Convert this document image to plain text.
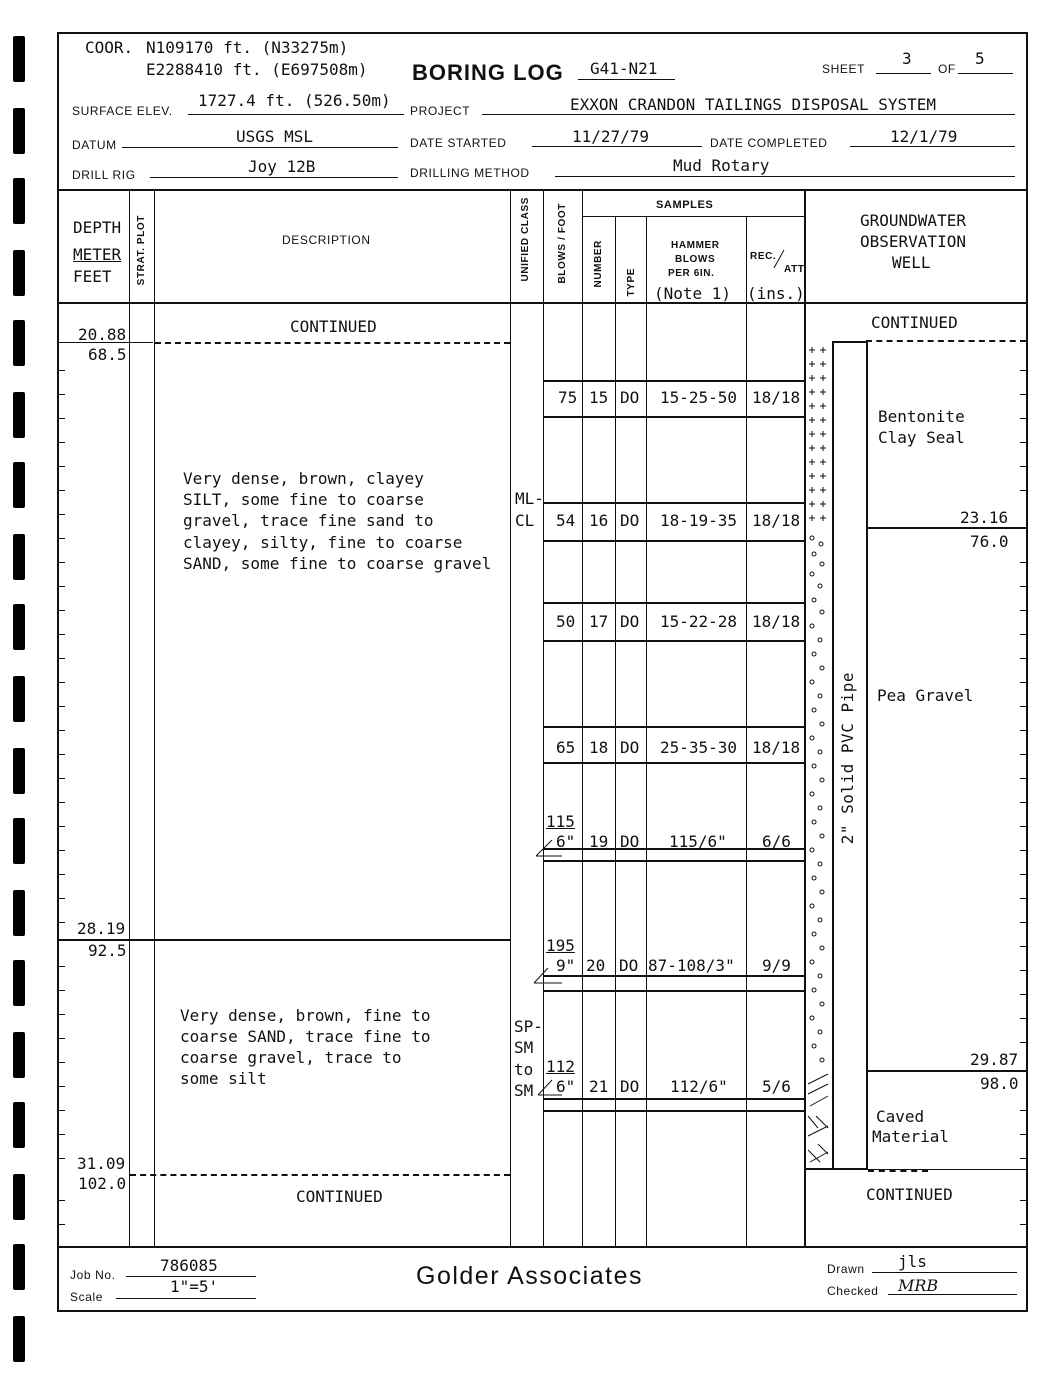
COOR. N109170 ft. (N33275m)
E2288410 ft. (E697508m) BORING LOG G41-N21	SHEET
3
OF
5
SURFACE ELEV.
1727.4 ft. (526.50m)
PROJECT	EXXON CRANDON TAILINGS DISPOSAL SYSTEM
DATUM	USGS MSL	DATE STARTED	11/27/79	DATE COMPLETED	12/1/79
DRILL RIG	Joy 12B	DRILLING METHOD	Mud Rotary
DEPTH
METER
FEET STRAT. PLOT	DESCRIPTION	UNIFIED CLASS	BLOWS / FOOT	SAMPLES
NUMBER TYPE
HAMMER
BLOWS
PER 6IN.
(Note 1)
REC.
ATT.
(ins.)
GROUNDWATER
OBSERVATION
WELL
CONTINUED	CONTINUED
20.88
68.5
28.19
92.5
31.09
102.0
Very dense, brown, clayey
SILT, some fine to coarse
gravel, trace fine sand to
clayey, silty, fine to coarse
SAND, some fine to coarse gravel
ML-
CL
Very dense, brown, fine to
coarse SAND, trace fine to
coarse gravel, trace to
some silt
SP-
SM
to
SM
75 15 DO 15-25-50 18/18
54 16 DO 18-19-35 18/18
50 17 DO 15-22-28 18/18
65 18 DO 25-35-30 18/18
115
6" 19 DO 115/6" 6/6
195
9" 20 DO 87-108/3" 9/9
112
6" 21 DO 112/6" 5/6
2" Solid PVC Pipe
Bentonite
Clay Seal
23.16
76.0
Pea Gravel
29.87
98.0
Caved
Material
CONTINUED	CONTINUED
Job No.	786085
Scale
1"=5'	Golder Associates	Drawn jls
Checked MRB
